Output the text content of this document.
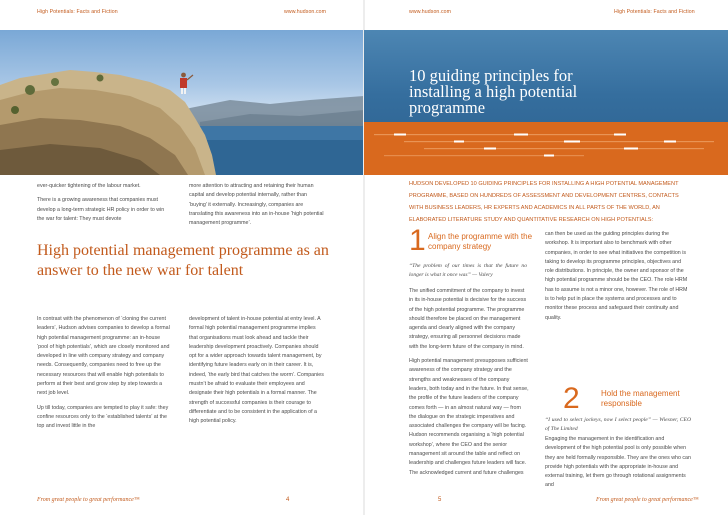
High Potentials: Facts and Fiction	www.hudson.com

ever-quicker tightening of the labour market.

There is a growing awareness that companies must develop a long-term strategic HR policy in order to win the war for talent: They must devote

more attention to attracting and retaining their human capital and develop potential internally, rather than ‘buying’ it externally. Increasingly, companies are translating this awareness into an in-house ‘high potential management programme’.

High potential management programme as an answer to the new war for talent

In contrast with the phenomenon of ‘cloning the current leaders’, Hudson advises companies to develop a formal high potential management programme: an in-house ‘pool of high potentials’, which are closely monitored and developed in line with company strategy and company needs. Consequently, companies need to free up the necessary resources that will enable high potentials to perform at their best and grow step by step towards a next job level.

Up till today, companies are tempted to play it safe: they confine resources only to the ‘established talents’ at the top and invest little in the

development of talent in-house potential at entry level. A formal high potential management programme implies that organisations must look ahead and tackle their leadership development proactively. Companies should opt for a wider approach towards talent management, by identifying future leaders early on in their career. It is, indeed, ‘the early bird that catches the worm’. Companies mustn’t be afraid to evaluate their employees and designate their high potentials in a formal manner. The strength of successful companies is their courage to differentiate and to be consistent in the application of a high potential policy.

From great people to great performance™	4
www.hudson.com	High Potentials: Facts and Fiction
10 guiding principles for installing a high potential programme
HUDSON DEVELOPED 10 GUIDING PRINCIPLES FOR INSTALLING A HIGH POTENTIAL MANAGEMENT PROGRAMME, BASED ON HUNDREDS OF ASSESSMENT AND DEVELOPMENT CENTRES, CONTACTS WITH BUSINESS LEADERS, HR EXPERTS AND ACADEMICS IN ALL PARTS OF THE WORLD, AN ELABORATED LITERATURE STUDY AND QUANTITATIVE RESEARCH ON HIGH POTENTIALS:
1 Align the programme with the company strategy
“The problem of our times is that the future no longer is what it once was” — Valery

The unified commitment of the company to invest in its in-house potential is decisive for the success of the high potential programme. The programme should therefore be placed on the management agenda and clearly aligned with the company strategy, ensuring all personnel decisions made with the long-term future of the company in mind.

High potential management presupposes sufficient awareness of the company strategy and the strengths and weaknesses of the company leaders, both today and in the future. In that sense, the profile of the future leaders of the company comes forth — in an almost natural way — from the dialogue on the strategic imperatives and associated challenges the company will be facing. Hudson recommends organising a ‘high potential workshop’, where the CEO and the senior management sit around the table and reflect on leadership and challenges future leaders will face. The acknowledged current and future challenges

can then be used as the guiding principles during the workshop. It is important also to benchmark with other companies, in order to see what initiatives the competition is taking to develop its programme principles, objectives and role distributions. In principle, the owner and sponsor of the high potential programme should be the CEO. The role HRM has to assume is not a minor one, however. The role of HRM is to help put in place the systems and processes and to monitor these process and safeguard their continuity and quality.

2	Hold the management responsible
“I used to select jockeys, now I select people” — Wiesner, CEO of The Limited

Engaging the management in the identification and development of the high potential pool is only possible when they are held formally responsible. They are the ones who can provide high potentials with the appropriate in-house and external training, let them go through rotational assignments and

From great people to great performance™
5
